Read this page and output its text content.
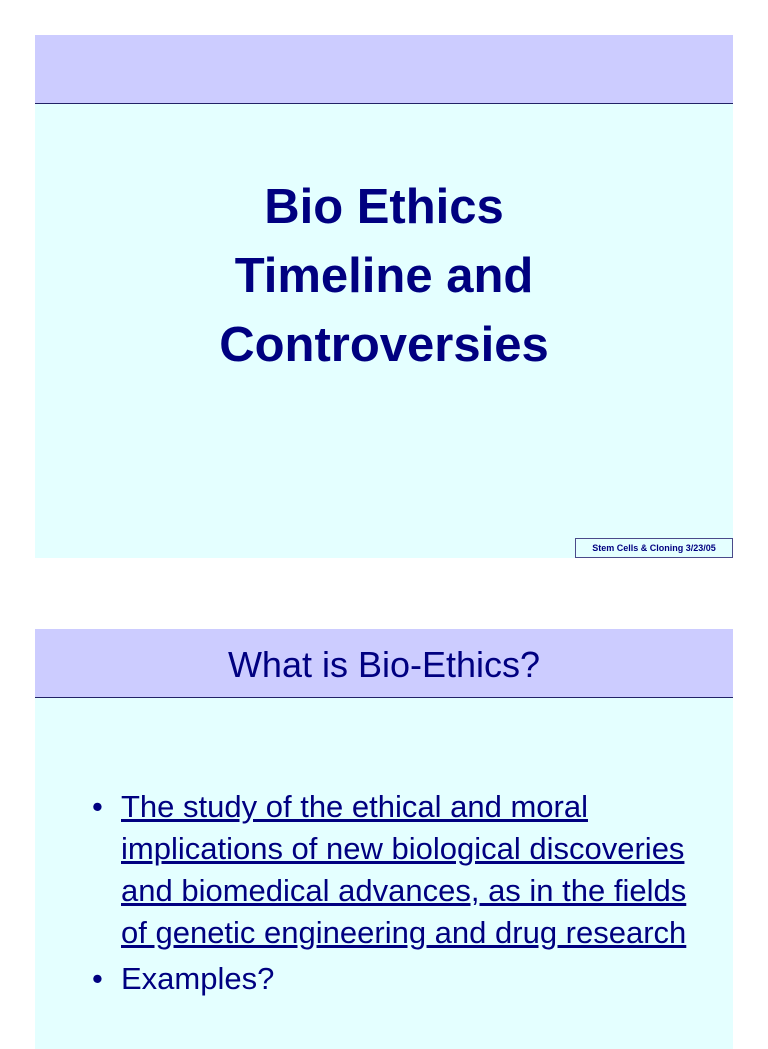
Bio Ethics
Timeline and
Controversies
Stem Cells & Cloning 3/23/05
What is Bio-Ethics?
• The study of the ethical and moral implications of new biological discoveries and biomedical advances, as in the fields of genetic engineering and drug research
• Examples?
